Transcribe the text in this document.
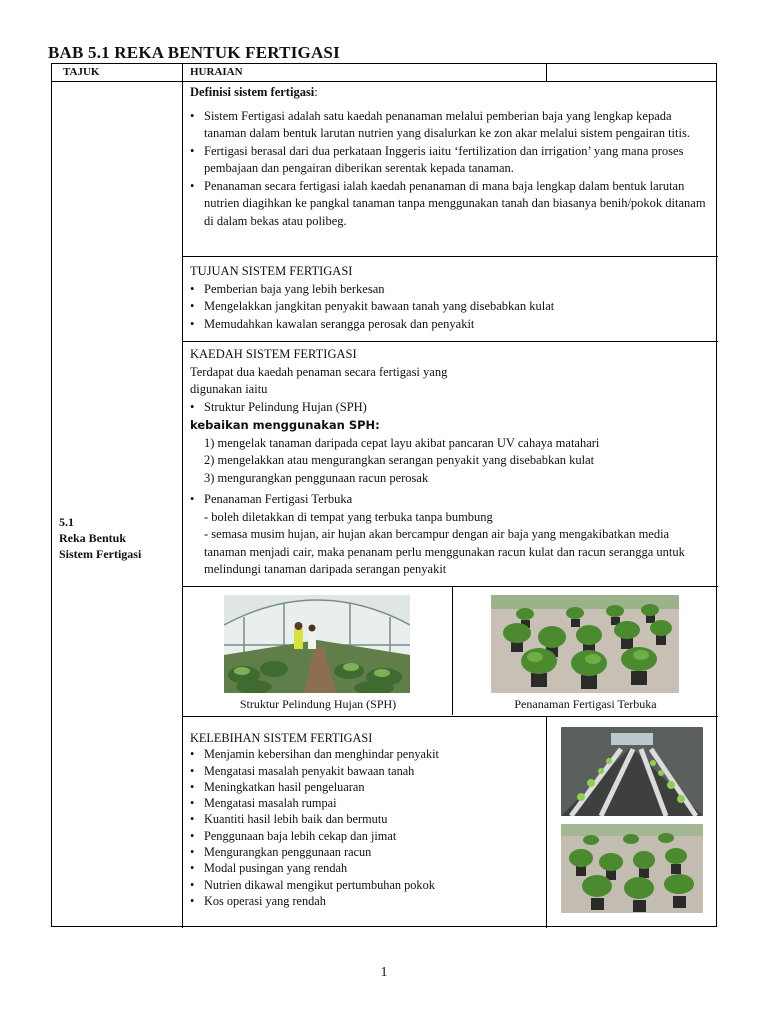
BAB 5.1 REKA BENTUK FERTIGASI
TAJUK	HURAIAN
5.1
Reka Bentuk
Sistem Fertigasi
Definisi sistem fertigasi:
• Sistem Fertigasi adalah satu kaedah penanaman melalui pemberian baja yang lengkap kepada tanaman dalam bentuk larutan nutrien yang disalurkan ke zon akar melalui sistem pengairan titis.
• Fertigasi berasal dari dua perkataan Inggeris iaitu ‘fertilization dan irrigation’ yang mana proses pembajaan dan pengairan diberikan serentak kepada tanaman.
• Penanaman secara fertigasi ialah kaedah penanaman di mana baja lengkap dalam bentuk larutan nutrien diagihkan ke pangkal tanaman tanpa menggunakan tanah dan biasanya benih/pokok ditanam di dalam bekas atau polibeg.
TUJUAN SISTEM FERTIGASI
• Pemberian baja yang lebih berkesan
• Mengelakkan jangkitan penyakit bawaan tanah yang disebabkan kulat
• Memudahkan kawalan serangga perosak dan penyakit
KAEDAH SISTEM FERTIGASI
Terdapat dua kaedah penaman secara fertigasi yang
digunakan iaitu
• Struktur Pelindung Hujan (SPH)
kebaikan menggunakan SPH:
1) mengelak tanaman daripada cepat layu akibat pancaran UV cahaya matahari
2) mengelakkan atau mengurangkan serangan penyakit yang disebabkan kulat
3) mengurangkan penggunaan racun perosak
• Penanaman Fertigasi Terbuka
- boleh diletakkan di tempat yang terbuka tanpa bumbung
- semasa musim hujan, air hujan akan bercampur dengan air baja yang mengakibatkan media tanaman menjadi cair, maka penanam perlu menggunakan racun kulat dan racun serangga untuk melindungi tanaman daripada serangan penyakit
Struktur Pelindung Hujan (SPH)	Penanaman Fertigasi Terbuka
KELEBIHAN SISTEM FERTIGASI
• Menjamin kebersihan dan menghindar penyakit
• Mengatasi masalah penyakit bawaan tanah
• Meningkatkan hasil pengeluaran
• Mengatasi masalah rumpai
• Kuantiti hasil lebih baik dan bermutu
• Penggunaan baja lebih cekap dan jimat
• Mengurangkan penggunaan racun
• Modal pusingan yang rendah
• Nutrien dikawal mengikut pertumbuhan pokok
• Kos operasi yang rendah
1
